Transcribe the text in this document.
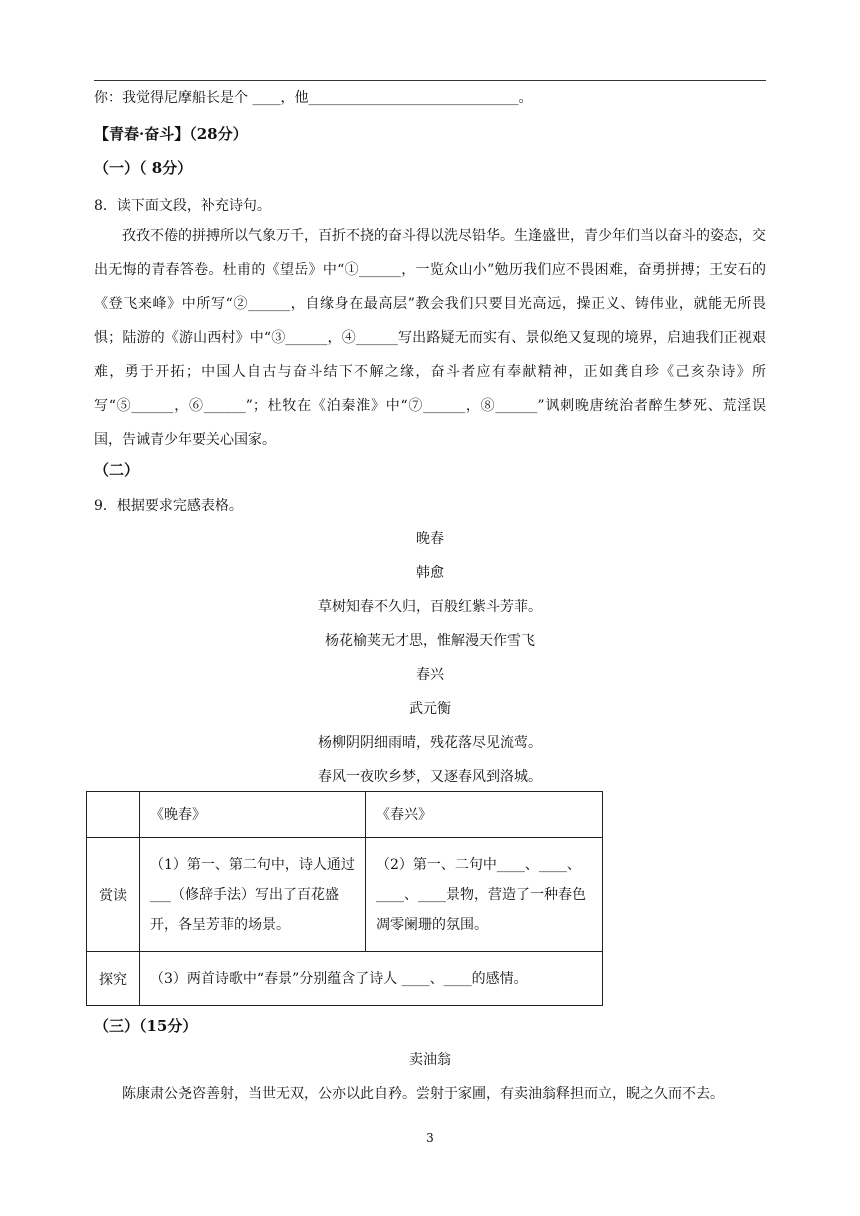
你：我觉得尼摩船长是个 ____，他______________________________。
【青春·奋斗】（28分）
（一）（ 8分）
8．读下面文段，补充诗句。
孜孜不倦的拼搏所以气象万千，百折不挠的奋斗得以洗尽铅华。生逢盛世，青少年们当以奋斗的姿态，交出无悔的青春答卷。杜甫的《望岳》中“①______，一览众山小”勉历我们应不畏困难，奋勇拼搏；王安石的《登飞来峰》中所写“②______，自缘身在最高层”教会我们只要目光高远，操正义、铸伟业，就能无所畏惧；陆游的《游山西村》中“③______，④______写出路疑无而实有、景似绝又复现的境界，启迪我们正视艰难，勇于开拓；中国人自古与奋斗结下不解之缘，奋斗者应有奉献精神，正如龚自珍《己亥杂诗》所写“⑤______，⑥______”；杜牧在《泊秦淮》中“⑦______，⑧______”讽刺晚唐统治者醉生梦死、荒淫误国，告诫青少年要关心国家。
（二）
9．根据要求完感表格。
晚春
韩愈
草树知春不久归，百般红紫斗芳菲。
杨花榆荚无才思，惟解漫天作雪飞
春兴
武元衡
杨柳阴阴细雨晴，残花落尽见流莺。
春风一夜吹乡梦，又逐春风到洛城。
	《晚春》	《春兴》
赏读	（1）第一、第二句中，诗人通过___（修辞手法）写出了百花盛开，各呈芳菲的场景。	（2）第一、二句中____、____、____、____景物，营造了一种春色凋零阑珊的氛围。
探究	（3）两首诗歌中“春景”分别蕴含了诗人 ____、____的感情。	
（三）（15分）
卖油翁
陈康肃公尧咨善射，当世无双，公亦以此自矜。尝射于家圃，有卖油翁释担而立，睨之久而不去。
3
